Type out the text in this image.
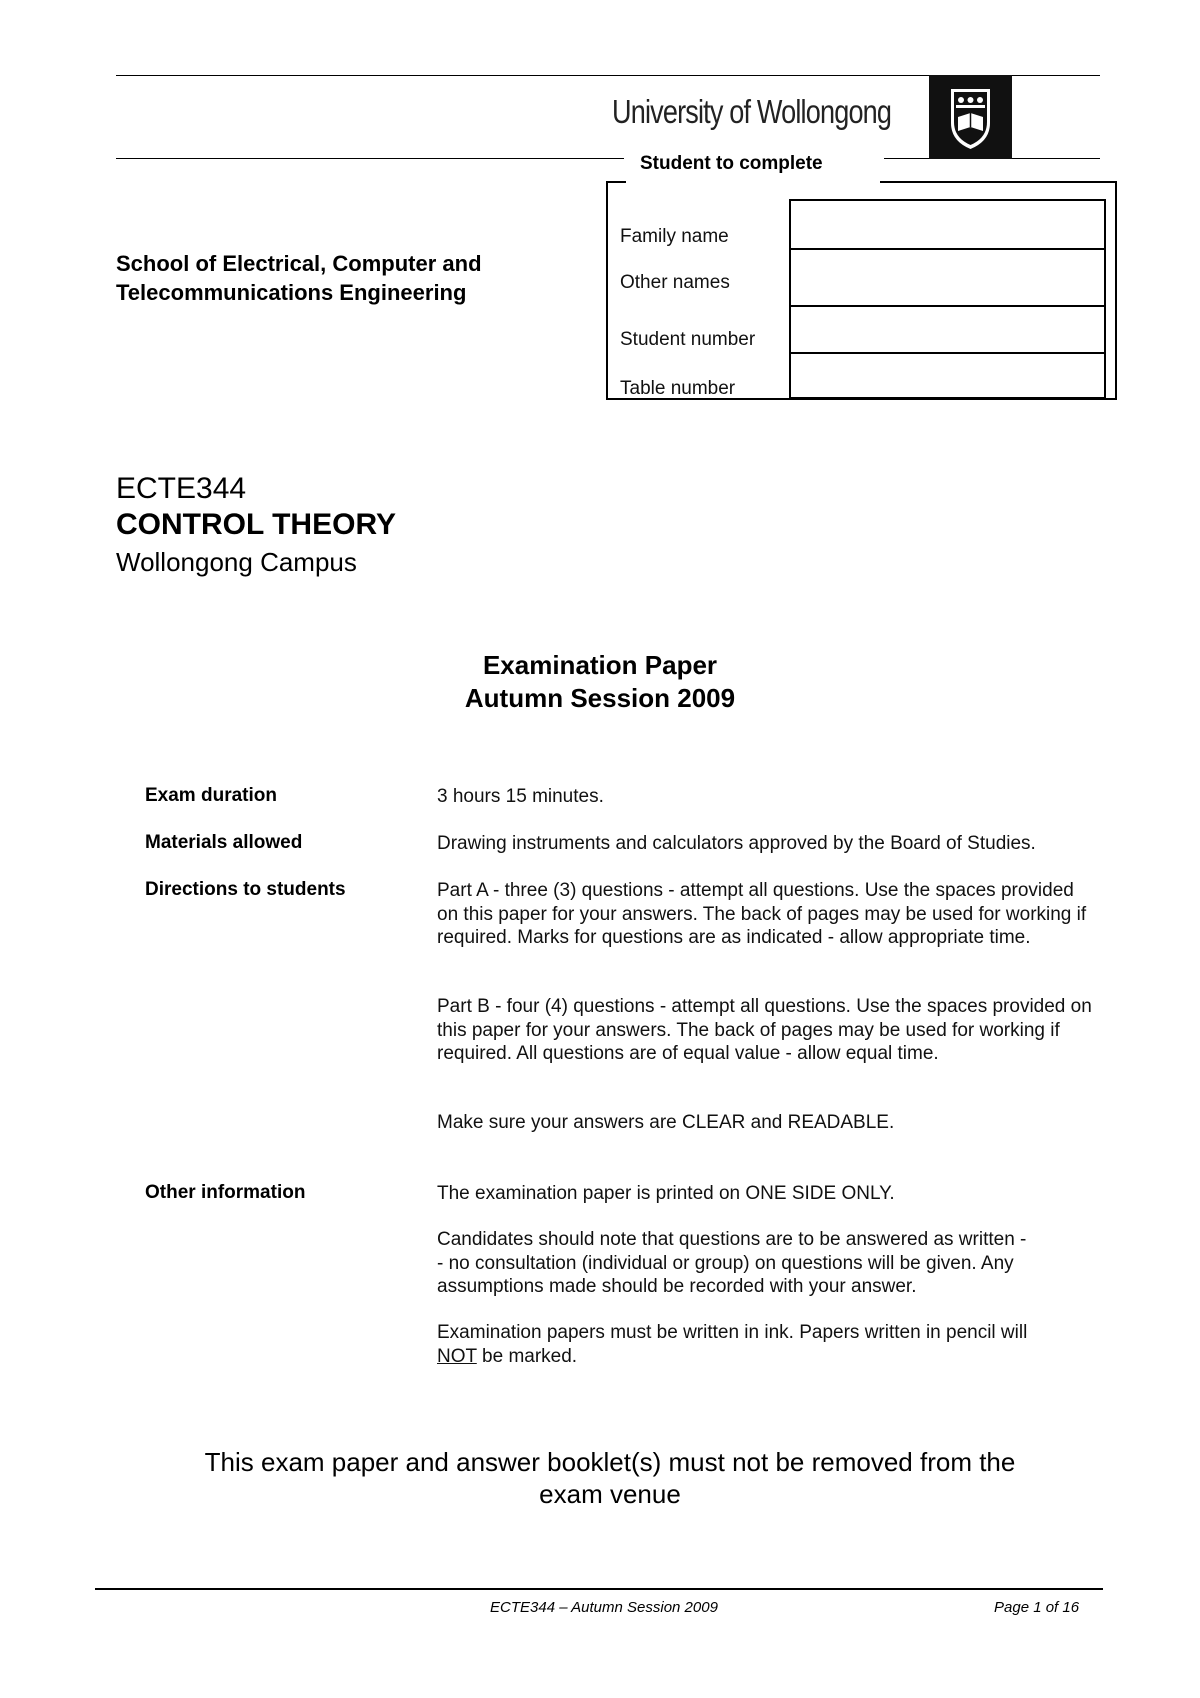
University of Wollongong
Student to complete
Family name
Other names
Student number
Table number
School of Electrical, Computer and
Telecommunications Engineering
ECTE344
CONTROL THEORY
Wollongong Campus
Examination Paper
Autumn Session 2009
Exam duration	3 hours 15 minutes.
Materials allowed	Drawing instruments and calculators approved by the Board of Studies.
Directions to students	Part A - three (3) questions - attempt all questions. Use the spaces provided on this paper for your answers. The back of pages may be used for working if required. Marks for questions are as indicated - allow appropriate time.
Part B - four (4) questions - attempt all questions. Use the spaces provided on this paper for your answers. The back of pages may be used for working if required. All questions are of equal value - allow equal time.
Make sure your answers are CLEAR and READABLE.
Other information	The examination paper is printed on ONE SIDE ONLY.
Candidates should note that questions are to be answered as written -
- no consultation (individual or group) on questions will be given. Any assumptions made should be recorded with your answer.
Examination papers must be written in ink. Papers written in pencil will
NOT be marked.
This exam paper and answer booklet(s) must not be removed from the
exam venue
ECTE344 – Autumn Session 2009	Page 1 of 16
